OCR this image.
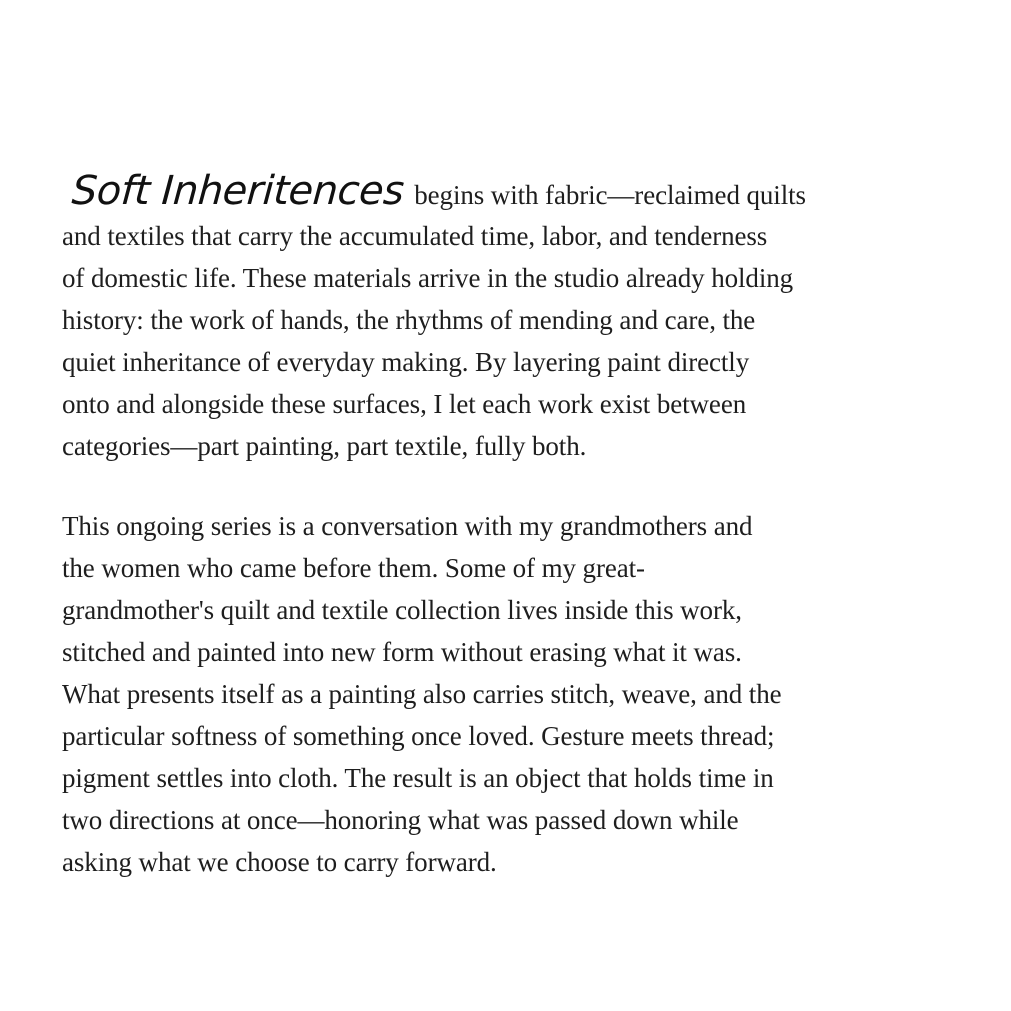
Soft Inheritences begins with fabric—reclaimed quilts
and textiles that carry the accumulated time, labor, and tenderness
of domestic life. These materials arrive in the studio already holding
history: the work of hands, the rhythms of mending and care, the
quiet inheritance of everyday making. By layering paint directly
onto and alongside these surfaces, I let each work exist between
categories—part painting, part textile, fully both.
This ongoing series is a conversation with my grandmothers and
the women who came before them. Some of my great-
grandmother's quilt and textile collection lives inside this work,
stitched and painted into new form without erasing what it was.
What presents itself as a painting also carries stitch, weave, and the
particular softness of something once loved. Gesture meets thread;
pigment settles into cloth. The result is an object that holds time in
two directions at once—honoring what was passed down while
asking what we choose to carry forward.
